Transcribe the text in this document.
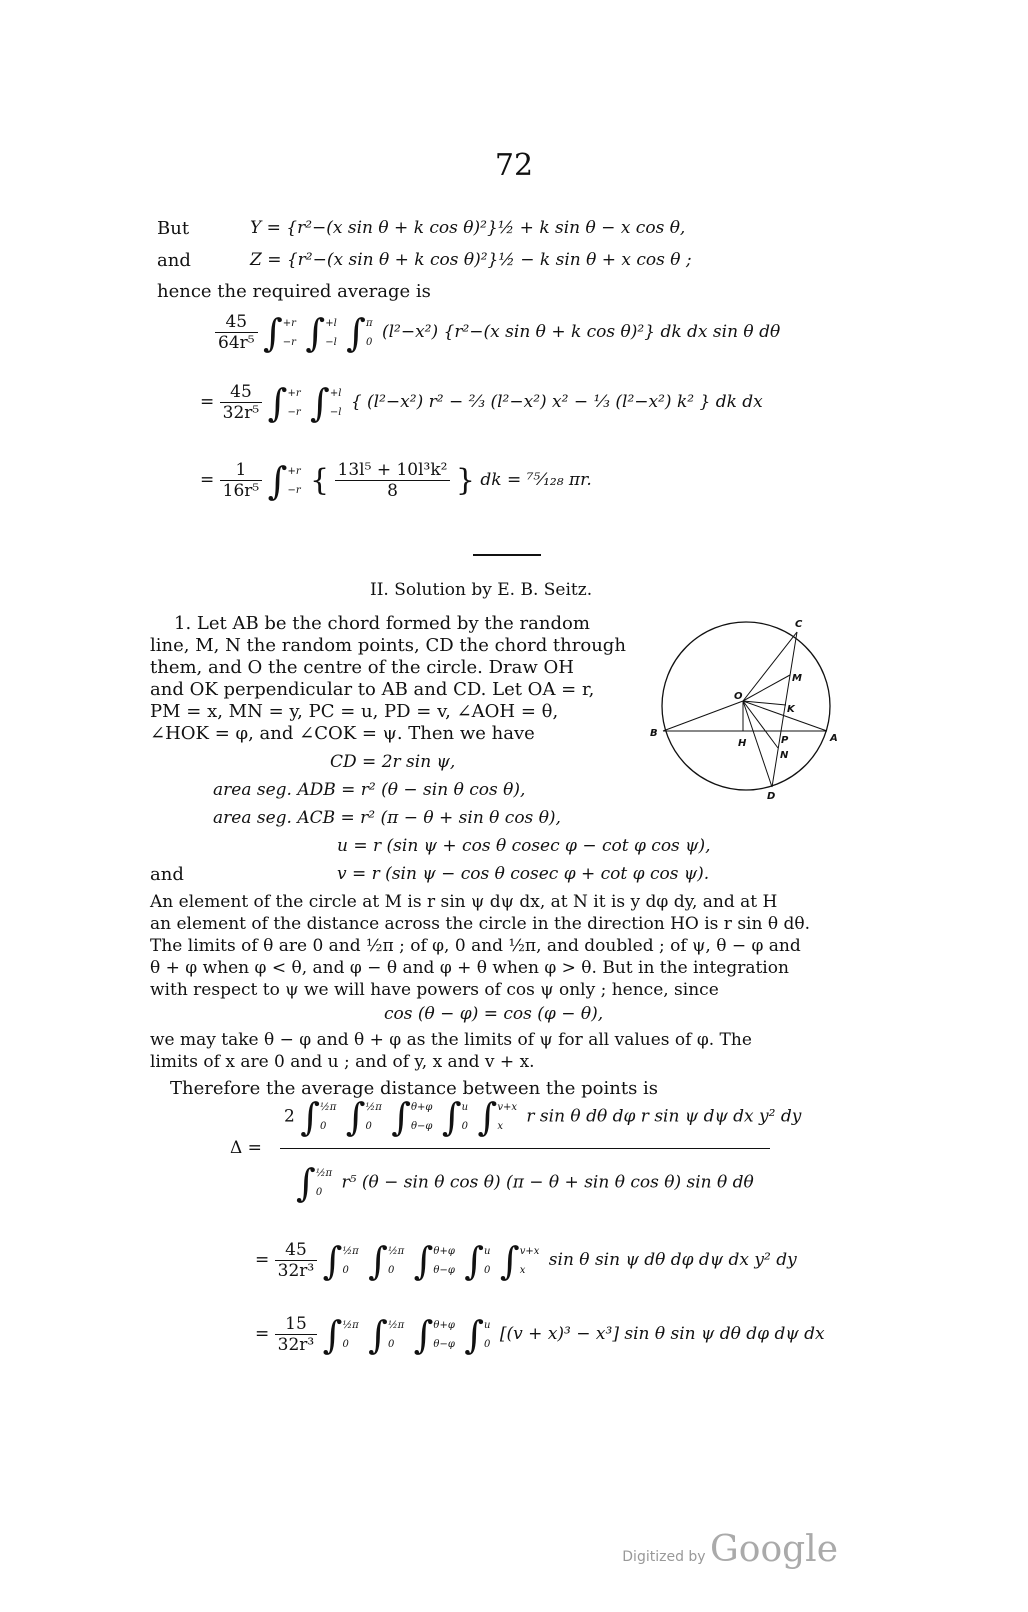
72
But	Y = {r²−(x sin θ + k cos θ)²}½ + k sin θ − x cos θ,
and	Z = {r²−(x sin θ + k cos θ)²}½ − k sin θ + x cos θ ;
hence the required average is
$\frac{45}{\text{64r⁵}}$ ∫ +r
−r ∫ +l
−l ∫ π
0 (l²−x²) {r²−(x sin θ + k cos θ)²} dk dx sin θ dθ
= $\frac{45}{\text{32r⁵}}$ ∫ +r
−r ∫ +l
−l { (l²−x²) r² − ⅔ (l²−x²) x² − ⅓ (l²−x²) k² } dk dx
= $\frac{1}{\text{16r⁵}}$ ∫ +r
−r { $\frac{\text{13l⁵ + 10l³k²}}{8}$ } dk = ⁷⁵⁄₁₂₈ πr.
II. Solution by E. B. Seitz.
1. Let AB be the chord formed by the random
line, M, N the random points, CD the chord through
them, and O the centre of the circle. Draw OH
and OK perpendicular to AB and CD. Let OA = r,
PM = x, MN = y, PC = u, PD = v, ∠AOH = θ,
∠HOK = φ, and ∠COK = ψ. Then we have
CD = 2r sin ψ,
area seg. ADB = r² (θ − sin θ cos θ),
area seg. ACB = r² (π − θ + sin θ cos θ),
u = r (sin ψ + cos θ cosec φ − cot φ cos ψ),
and	v = r (sin ψ − cos θ cosec φ + cot φ cos ψ).
An element of the circle at M is r sin ψ dψ dx, at N it is y dφ dy, and at H
an element of the distance across the circle in the direction HO is r sin θ dθ.
The limits of θ are 0 and ½π ; of φ, 0 and ½π, and doubled ; of ψ, θ − φ and
θ + φ when φ < θ, and φ − θ and φ + θ when φ > θ. But in the integration
with respect to ψ we will have powers of cos ψ only ; hence, since
cos (θ − φ) = cos (φ − θ),
we may take θ − φ and θ + φ as the limits of ψ for all values of φ. The
limits of x are 0 and u ; and of y, x and v + x.
Therefore the average distance between the points is
Δ =
2 ∫ ½π
0 ∫ ½π
0 ∫ θ+φ
θ−φ ∫ u
0 ∫ v+x
x	r sin θ dθ dφ r sin ψ dψ dx y² dy
∫ ½π
0	r⁵ (θ − sin θ cos θ) (π − θ + sin θ cos θ) sin θ dθ
= $\frac{45}{\text{32r³}}$ ∫ ½π
0 ∫ ½π
0 ∫ θ+φ
θ−φ ∫ u
0 ∫ v+x
x	sin θ sin ψ dθ dφ dψ dx y² dy
= $\frac{15}{\text{32r³}}$ ∫ ½π
0 ∫ ½π
0 ∫ θ+φ
θ−φ ∫ u
0 [(v + x)³ − x³] sin θ sin ψ dθ dφ dψ dx
C
M
O
K
B
H	P	A
N
D
Digitized by Google
